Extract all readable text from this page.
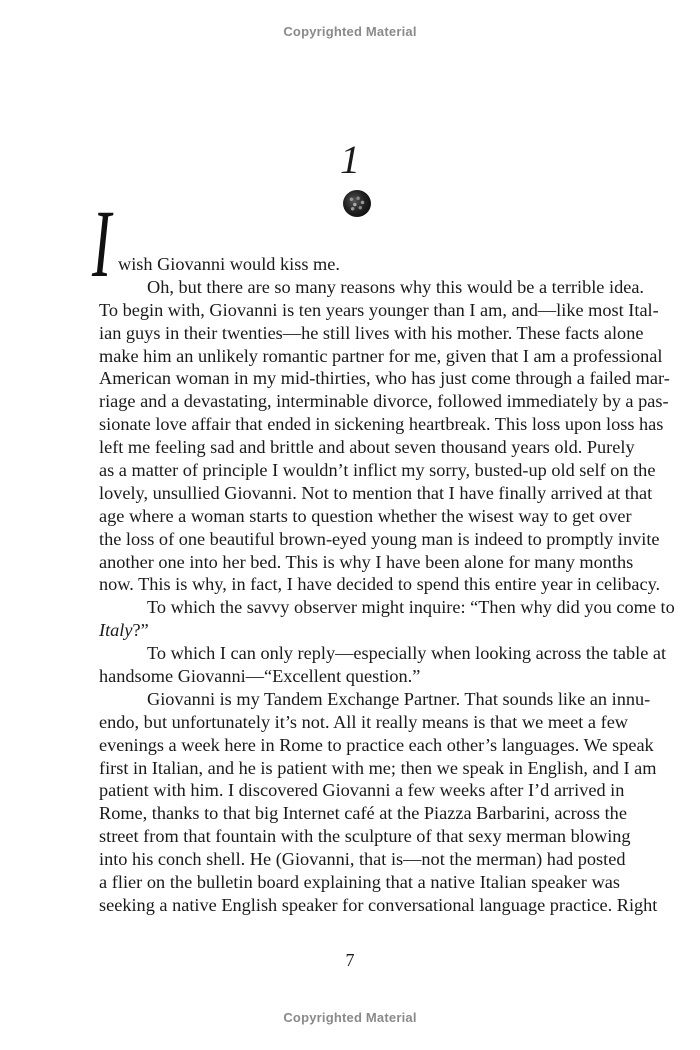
Copyrighted Material
1
I wish Giovanni would kiss me.
Oh, but there are so many reasons why this would be a terrible idea.
To begin with, Giovanni is ten years younger than I am, and—like most Ital-
ian guys in their twenties—he still lives with his mother. These facts alone
make him an unlikely romantic partner for me, given that I am a professional
American woman in my mid-thirties, who has just come through a failed mar-
riage and a devastating, interminable divorce, followed immediately by a pas-
sionate love affair that ended in sickening heartbreak. This loss upon loss has
left me feeling sad and brittle and about seven thousand years old. Purely
as a matter of principle I wouldn’t inflict my sorry, busted-up old self on the
lovely, unsullied Giovanni. Not to mention that I have finally arrived at that
age where a woman starts to question whether the wisest way to get over
the loss of one beautiful brown-eyed young man is indeed to promptly invite
another one into her bed. This is why I have been alone for many months
now. This is why, in fact, I have decided to spend this entire year in celibacy.
To which the savvy observer might inquire: “Then why did you come to
Italy?”
To which I can only reply—especially when looking across the table at
handsome Giovanni—“Excellent question.”
Giovanni is my Tandem Exchange Partner. That sounds like an innu-
endo, but unfortunately it’s not. All it really means is that we meet a few
evenings a week here in Rome to practice each other’s languages. We speak
first in Italian, and he is patient with me; then we speak in English, and I am
patient with him. I discovered Giovanni a few weeks after I’d arrived in
Rome, thanks to that big Internet café at the Piazza Barbarini, across the
street from that fountain with the sculpture of that sexy merman blowing
into his conch shell. He (Giovanni, that is—not the merman) had posted
a flier on the bulletin board explaining that a native Italian speaker was
seeking a native English speaker for conversational language practice. Right
7
Copyrighted Material
